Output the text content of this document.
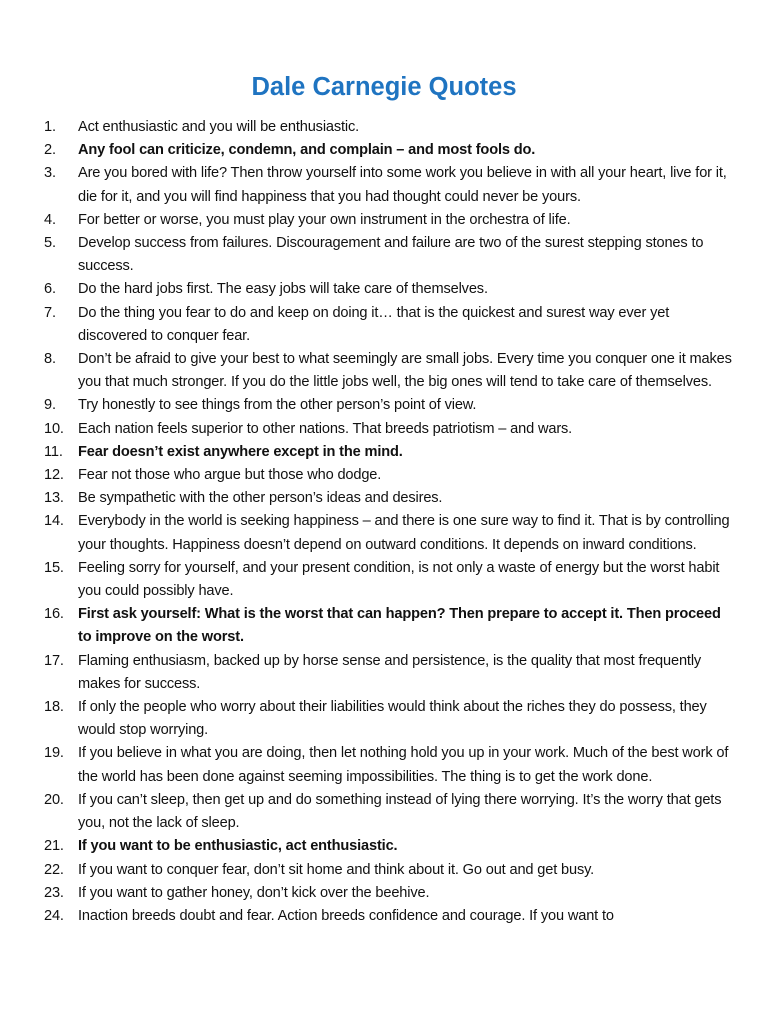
Dale Carnegie Quotes
1.	Act enthusiastic and you will be enthusiastic.
2.	Any fool can criticize, condemn, and complain – and most fools do.
3.	Are you bored with life? Then throw yourself into some work you believe in with all your heart, live for it, die for it, and you will find happiness that you had thought could never be yours.
4.	For better or worse, you must play your own instrument in the orchestra of life.
5.	Develop success from failures. Discouragement and failure are two of the surest stepping stones to success.
6.	Do the hard jobs first. The easy jobs will take care of themselves.
7.	Do the thing you fear to do and keep on doing it… that is the quickest and surest way ever yet discovered to conquer fear.
8.	Don’t be afraid to give your best to what seemingly are small jobs. Every time you conquer one it makes you that much stronger. If you do the little jobs well, the big ones will tend to take care of themselves.
9.	Try honestly to see things from the other person’s point of view.
10. Each nation feels superior to other nations. That breeds patriotism – and wars.
11.	Fear doesn’t exist anywhere except in the mind.
12. Fear not those who argue but those who dodge.
13. Be sympathetic with the other person’s ideas and desires.
14. Everybody in the world is seeking happiness – and there is one sure way to find it. That is by controlling your thoughts. Happiness doesn’t depend on outward conditions. It depends on inward conditions.
15. Feeling sorry for yourself, and your present condition, is not only a waste of energy but the worst habit you could possibly have.
16. First ask yourself: What is the worst that can happen? Then prepare to accept it. Then proceed to improve on the worst.
17. Flaming enthusiasm, backed up by horse sense and persistence, is the quality that most frequently makes for success.
18. If only the people who worry about their liabilities would think about the riches they do possess, they would stop worrying.
19. If you believe in what you are doing, then let nothing hold you up in your work. Much of the best work of the world has been done against seeming impossibilities. The thing is to get the work done.
20. If you can’t sleep, then get up and do something instead of lying there worrying. It’s the worry that gets you, not the lack of sleep.
21. If you want to be enthusiastic, act enthusiastic.
22. If you want to conquer fear, don’t sit home and think about it. Go out and get busy.
23. If you want to gather honey, don’t kick over the beehive.
24. Inaction breeds doubt and fear. Action breeds confidence and courage. If you want to
